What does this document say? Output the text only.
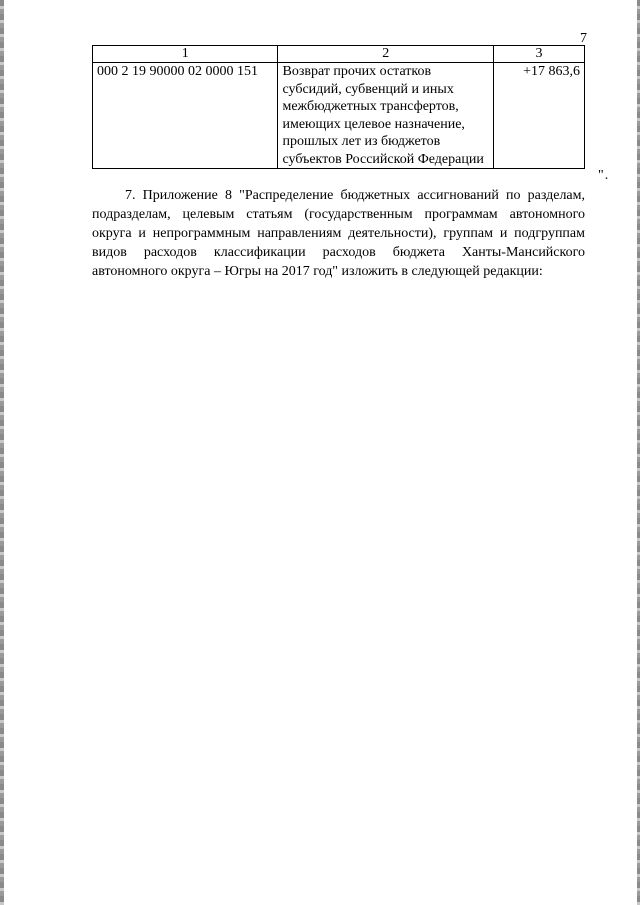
7
1	2	3
000 2 19 90000 02 0000 151	Возврат прочих остатков субсидий, субвенций и иных межбюджетных трансфертов, имеющих целевое назначение, прошлых лет из бюджетов субъектов Российской Федерации	+17 863,6
".

7. Приложение 8 "Распределение бюджетных ассигнований по разделам, подразделам, целевым статьям (государственным программам автономного округа и непрограммным направлениям деятельности), группам и подгруппам видов расходов классификации расходов бюджета Ханты-Мансийского автономного округа – Югры на 2017 год" изложить в следующей редакции:
